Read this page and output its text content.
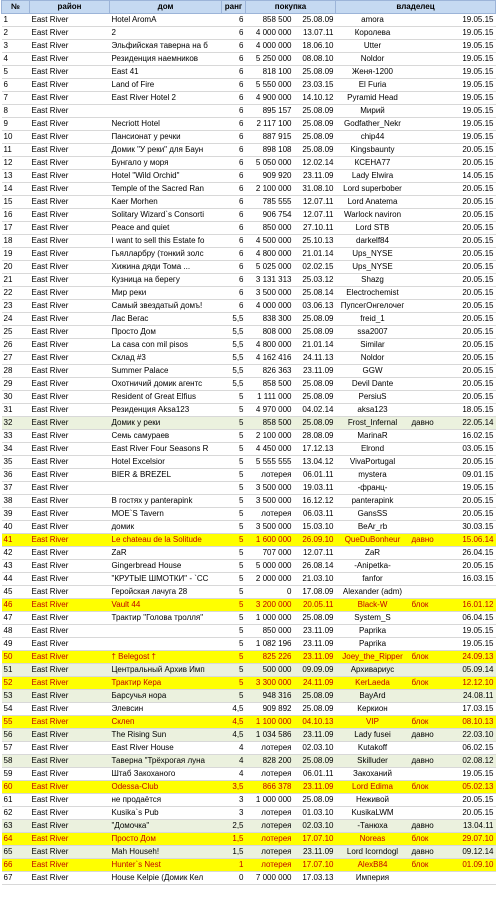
№	район	дом	ранг	покупка		владелец		
1	East River	Hotel AromA	6	858 500	25.08.09	amora		19.05.15
2	East River	2	6	4 000 000	13.07.11	Королева		19.05.15
3	East River	Эльфийская таверна на б	6	4 000 000	18.06.10	Utter		19.05.15
4	East River	Резиденция наемников	6	5 250 000	08.08.10	Noldor		19.05.15
5	East River	East 41	6	818 100	25.08.09	Женя-1200		19.05.15
6	East River	Land of Fire	6	5 550 000	23.03.15	El Furia		19.05.15
7	East River	East River Hotel 2	6	4 900 000	14.10.12	Pyramid Head		19.05.15
8	East River		6	895 157	25.08.09	Мирий		19.05.15
9	East River	Necriott Hotel	6	2 117 100	25.08.09	Godfather_Nekr		19.05.15
10	East River	Пансионат у речки	6	887 915	25.08.09	chip44		19.05.15
11	East River	Домик "У реки" для Баун	6	898 108	25.08.09	Kingsbaunty		20.05.15
12	East River	Бунгало у моря	6	5 050 000	12.02.14	КСЕНА77		20.05.15
13	East River	Hotel "Wild Orchid"	6	909 920	23.11.09	Lady Elwira		14.05.15
14	East River	Temple of the Sacred Ran	6	2 100 000	31.08.10	Lord superbober		20.05.15
15	East River	Kaer Morhen	6	785 555	12.07.11	Lord Anatema		20.05.15
16	East River	Solitary Wizard`s Consorti	6	906 754	12.07.11	Warlock naviron		20.05.15
17	East River	Peace and quiet	6	850 000	27.10.11	Lord STB		20.05.15
18	East River	I want to sell this Estate fo	6	4 500 000	25.10.13	darkelf84		20.05.15
19	East River	Гьялларбру (тонкий золс	6	4 800 000	21.01.14	Ups_NYSE		20.05.15
20	East River	Хижина дяди Тома ...	6	5 025 000	02.02.15	Ups_NYSE		20.05.15
21	East River	Кузница на берегу	6	3 131 313	25.03.12	Shazg		20.05.15
22	East River	Мир реки	6	3 500 000	25.08.14	Electrochemist		20.05.15
23	East River	Самый звездатый домъ!	6	4 000 000	03.06.13	ПупсегОнгелочег		20.05.15
24	East River	Лас Вегас	5,5	838 300	25.08.09	freid_1		20.05.15
25	East River	Просто Дом	5,5	808 000	25.08.09	ssa2007		20.05.15
26	East River	La casa con mil pisos	5,5	4 800 000	21.01.14	Similar		20.05.15
27	East River	Склад #3	5,5	4 162 416	24.11.13	Noldor		20.05.15
28	East River	Summer Palace	5,5	826 363	23.11.09	GGW		20.05.15
29	East River	Охотничий домик агентс	5,5	858 500	25.08.09	Devil Dante		20.05.15
30	East River	Resident of Great Elfius	5	1 111 000	25.08.09	PersiuS		20.05.15
31	East River	Резиденция Aksa123	5	4 970 000	04.02.14	aksa123		18.05.15
32	East River	Домик у реки	5	858 500	25.08.09	Frost_Infernal	давно	22.05.14
33	East River	Семь самураев	5	2 100 000	28.08.09	MarinaR		16.02.15
34	East River	East River Four Seasons R	5	4 450 000	17.12.13	Elrond		03.05.15
35	East River	Hotel Excelsior	5	5 555 555	13.04.12	VivaPortugal		20.05.15
36	East River	BIER & BREZEL	5	лотерея	06.01.11	mystera		09.01.15
37	East River		5	3 500 000	19.03.11	-франц-		19.05.15
38	East River	В гостях у panterapink	5	3 500 000	16.12.12	panterapink		20.05.15
39	East River	MOE`S Tavern	5	лотерея	06.03.11	GansSS		20.05.15
40	East River	домик	5	3 500 000	15.03.10	BeAr_rb		30.03.15
41	East River	Le chateau de la Solitude	5	1 600 000	26.09.10	QueDuBonheur	давно	15.06.14
42	East River	ZaR	5	707 000	12.07.11	ZaR		26.04.15
43	East River	Gingerbread House	5	5 000 000	26.08.14	-Anipetka-		20.05.15
44	East River	"КРУТЫЕ ШМОТКИ" - `CC	5	2 000 000	21.03.10	fanfor		16.03.15
45	East River	Геройская лачуга 28	5	0	17.08.09	Alexander (adm)		
46	East River	Vault 44	5	3 200 000	20.05.11	Black-W	блок	16.01.12
47	East River	Трактир "Голова тролля"	5	1 000 000	25.08.09	System_S		06.04.15
48	East River		5	850 000	23.11.09	Paprika		19.05.15
49	East River		5	1 082 196	23.11.09	Paprika		19.05.15
50	East River	† Belegost †	5	825 226	23.11.09	Joey_the_Ripper	блок	24.09.13
51	East River	Центральный Архив Имп	5	500 000	09.09.09	Архивариус		05.09.14
52	East River	Трактир Кера	5	3 300 000	24.11.09	KerLaeda	блок	12.12.10
53	East River	Барсучья нора	5	948 316	25.08.09	BayArd		24.08.11
54	East River	Элевсин	4,5	909 892	25.08.09	Керкион		17.03.15
55	East River	Склеп	4,5	1 100 000	04.10.13	VIP	блок	08.10.13
56	East River	The Rising Sun	4,5	1 034 586	23.11.09	Lady fusei	давно	22.03.10
57	East River	East River House	4	лотерея	02.03.10	Kutakoff		06.02.15
58	East River	Таверна "Трёхрогая луна	4	828 200	25.08.09	Skilluder	давно	02.08.12
59	East River	Штаб Закоханого	4	лотерея	06.01.11	Закоханий		19.05.15
60	East River	Odessa-Club	3,5	866 378	23.11.09	Lord Edima	блок	05.02.13
61	East River	не продаётся	3	1 000 000	25.08.09	Неживой		20.05.15
62	East River	Kusika`s Pub	3	лотерея	01.03.10	KusikaLWM		20.05.15
63	East River	"Домочка"	2,5	лотерея	02.03.10	-Танюха	давно	13.04.11
64	East River	Просто Дом	1,5	лотерея	17.07.10	Noreas	блок	29.07.10
65	East River	Mah Househ!	1,5	лотерея	23.11.09	Lord Icorndogl	давно	09.12.14
66	East River	Hunter`s Nest	1	лотерея	17.07.10	AlexB84	блок	01.09.10
67	East River	House Kelpie (Домик Кел	0	7 000 000	17.03.13	Империя		
